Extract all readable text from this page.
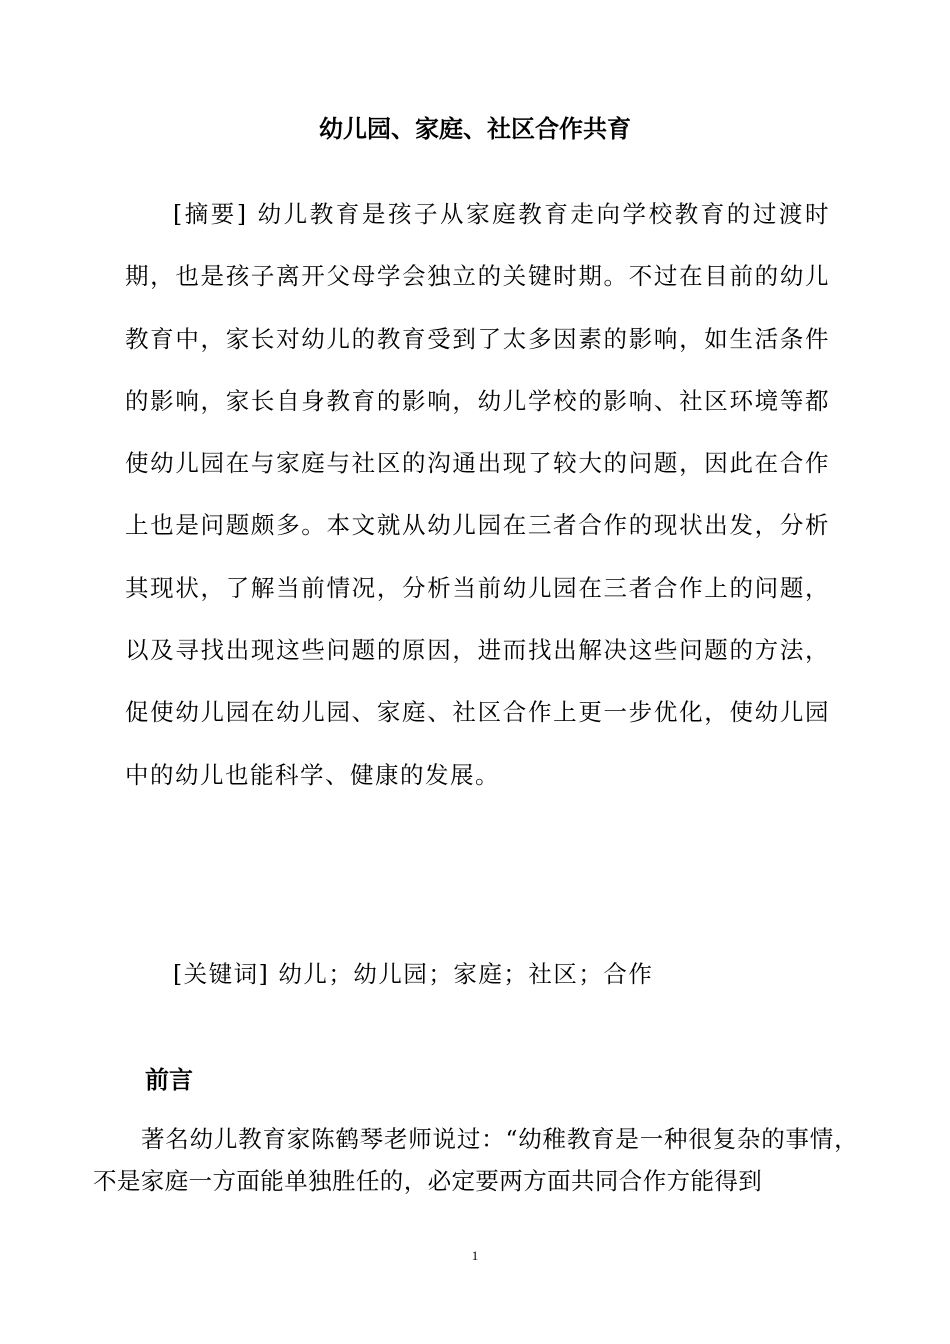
幼儿园、家庭、社区合作共育

[摘要] 幼儿教育是孩子从家庭教育走向学校教育的过渡时期，也是孩子离开父母学会独立的关键时期。不过在目前的幼儿教育中，家长对幼儿的教育受到了太多因素的影响，如生活条件的影响，家长自身教育的影响，幼儿学校的影响、社区环境等都使幼儿园在与家庭与社区的沟通出现了较大的问题，因此在合作上也是问题颇多。本文就从幼儿园在三者合作的现状出发，分析其现状，了解当前情况，分析当前幼儿园在三者合作上的问题，以及寻找出现这些问题的原因，进而找出解决这些问题的方法，促使幼儿园在幼儿园、家庭、社区合作上更一步优化，使幼儿园中的幼儿也能科学、健康的发展。

[关键词] 幼儿；幼儿园；家庭；社区；合作

前言

著名幼儿教育家陈鹤琴老师说过：“幼稚教育是一种很复杂的事情，不是家庭一方面能单独胜任的，必定要两方面共同合作方能得到

1
